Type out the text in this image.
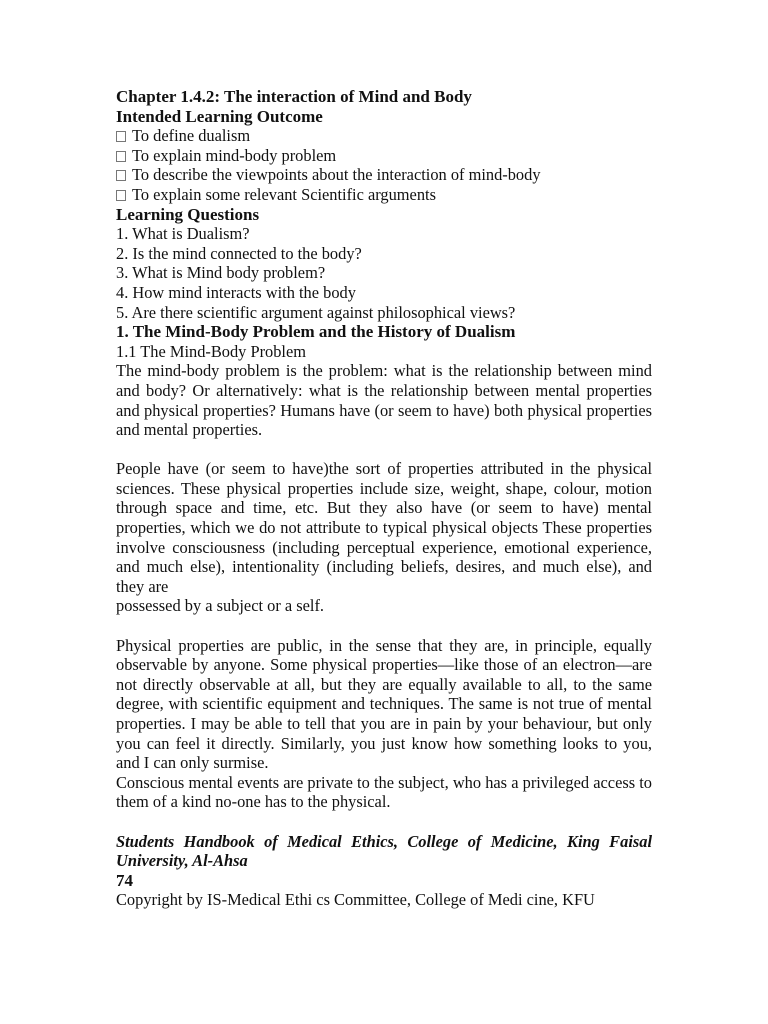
Chapter 1.4.2: The interaction of Mind and Body
Intended Learning Outcome
To define dualism
To explain mind-body problem
To describe the viewpoints about the interaction of mind-body
To explain some relevant Scientific arguments
Learning Questions
1. What is Dualism?
2. Is the mind connected to the body?
3. What is Mind body problem?
4. How mind interacts with the body
5. Are there scientific argument against philosophical views?
1. The Mind-Body Problem and the History of Dualism
1.1 The Mind-Body Problem
The mind-body problem is the problem: what is the relationship between mind and body? Or alternatively: what is the relationship between mental properties and physical properties? Humans have (or seem to have) both physical properties and mental properties.
People have (or seem to have)the sort of properties attributed in the physical sciences. These physical properties include size, weight, shape, colour, motion through space and time, etc. But they also have (or seem to have) mental properties, which we do not attribute to typical physical objects These properties involve consciousness (including perceptual experience, emotional experience, and much else), intentionality (including beliefs, desires, and much else), and they are
possessed by a subject or a self.
Physical properties are public, in the sense that they are, in principle, equally observable by anyone. Some physical properties—like those of an electron—are not directly observable at all, but they are equally available to all, to the same degree, with scientific equipment and techniques. The same is not true of mental properties. I may be able to tell that you are in pain by your behaviour, but only you can feel it directly. Similarly, you just know how something looks to you, and I can only surmise.
Conscious mental events are private to the subject, who has a privileged access to them of a kind no-one has to the physical.
Students Handbook of Medical Ethics, College of Medicine, King Faisal University, Al-Ahsa
74
Copyright by IS-Medical Ethi cs Committee, College of Medi cine, KFU
